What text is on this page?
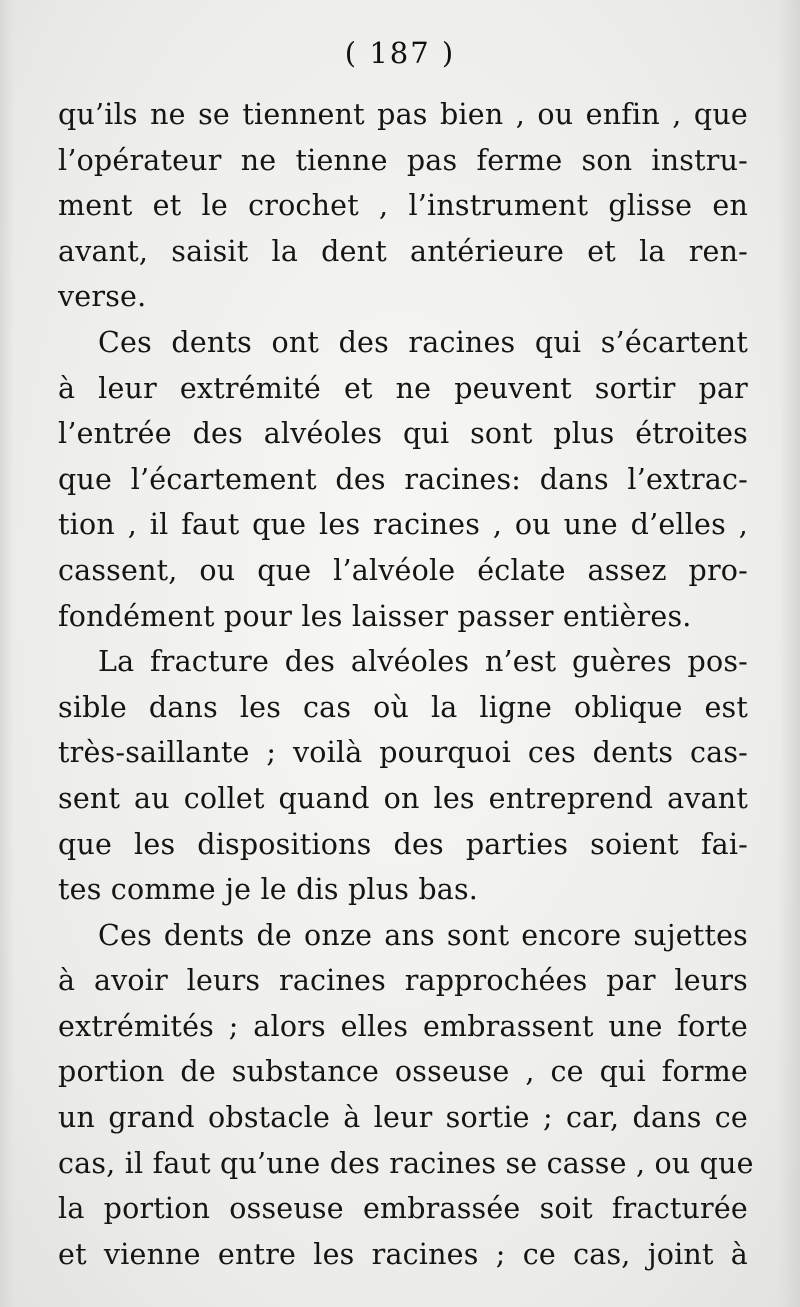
( 187 )
qu’ils ne se tiennent pas bien , ou enfin , que
l’opérateur ne tienne pas ferme son instru-
ment et le crochet , l’instrument glisse en
avant, saisit la dent antérieure et la ren-
verse.
Ces dents ont des racines qui s’écartent
à leur extrémité et ne peuvent sortir par
l’entrée des alvéoles qui sont plus étroites
que l’écartement des racines: dans l’extrac-
tion , il faut que les racines , ou une d’elles ,
cassent, ou que l’alvéole éclate assez pro-
fondément pour les laisser passer entières.
La fracture des alvéoles n’est guères pos-
sible dans les cas où la ligne oblique est
très-saillante ; voilà pourquoi ces dents cas-
sent au collet quand on les entreprend avant
que les dispositions des parties soient fai-
tes comme je le dis plus bas.
Ces dents de onze ans sont encore sujettes
à avoir leurs racines rapprochées par leurs
extrémités ; alors elles embrassent une forte
portion de substance osseuse , ce qui forme
un grand obstacle à leur sortie ; car, dans ce
cas, il faut qu’une des racines se casse , ou que
la portion osseuse embrassée soit fracturée
et vienne entre les racines ; ce cas, joint à
